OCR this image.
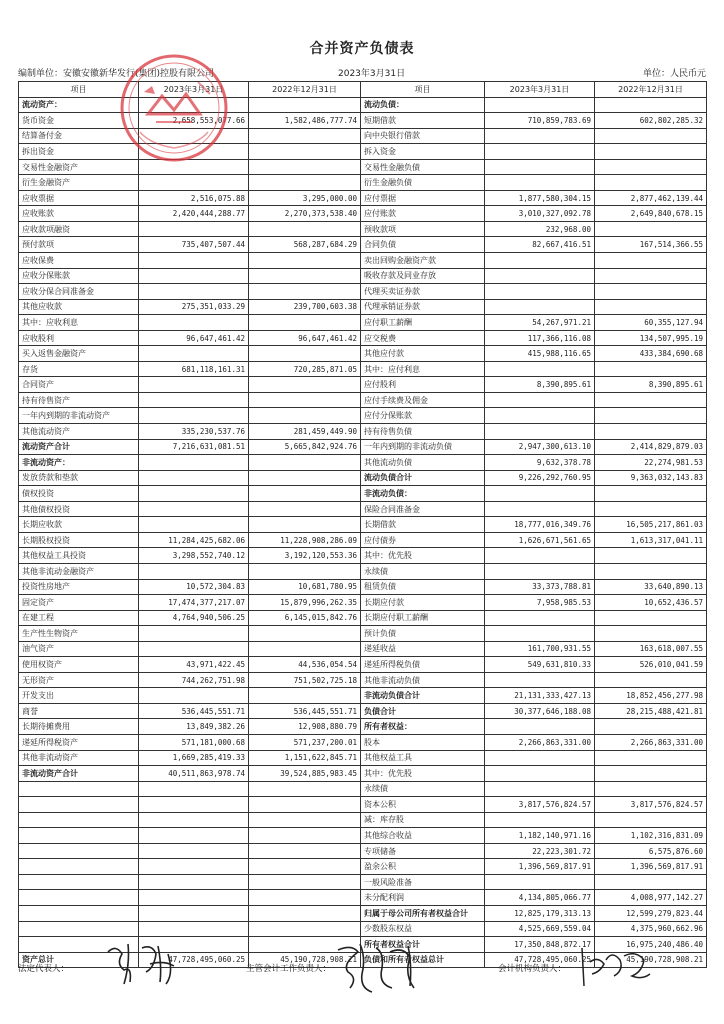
合并资产负债表
编制单位：安徽安徽新华发行(集团)控股有限公司	2023年3月31日	单位：人民币元
项目	2023年3月31日	2022年12月31日	项目	2023年3月31日	2022年12月31日
流动资产：			流动负债：		
货币资金	2,658,553,077.66	1,582,486,777.74	短期借款	710,859,783.69	602,802,285.32
结算备付金			向中央银行借款		
拆出资金			拆入资金		
交易性金融资产			交易性金融负债		
衍生金融资产			衍生金融负债		
应收票据	2,516,075.88	3,295,000.00	应付票据	1,877,580,304.15	2,877,462,139.44
应收账款	2,420,444,288.77	2,270,373,538.40	应付账款	3,010,327,092.78	2,649,840,678.15
应收款项融资			预收款项	232,968.00	
预付款项	735,407,507.44	568,287,684.29	合同负债	82,667,416.51	167,514,366.55
应收保费			卖出回购金融资产款		
应收分保账款			吸收存款及同业存放		
应收分保合同准备金			代理买卖证券款		
其他应收款	275,351,033.29	239,700,603.38	代理承销证券款		
其中：应收利息			应付职工薪酬	54,267,971.21	60,355,127.94
应收股利	96,647,461.42	96,647,461.42	应交税费	117,366,116.08	134,507,995.19
买入返售金融资产			其他应付款	415,988,116.65	433,384,690.68
存货	681,118,161.31	720,285,871.05	其中：应付利息		
合同资产			应付股利	8,390,895.61	8,390,895.61
持有待售资产			应付手续费及佣金		
一年内到期的非流动资产			应付分保账款		
其他流动资产	335,230,537.76	281,459,449.90	持有待售负债		
流动资产合计	7,216,631,081.51	5,665,842,924.76	一年内到期的非流动负债	2,947,300,613.10	2,414,829,879.03
非流动资产：			其他流动负债	9,632,378.78	22,274,981.53
发放贷款和垫款			流动负债合计	9,226,292,760.95	9,363,032,143.83
债权投资			非流动负债：		
其他债权投资			保险合同准备金		
长期应收款			长期借款	18,777,016,349.76	16,505,217,861.03
长期股权投资	11,284,425,682.06	11,228,908,286.09	应付债券	1,626,671,561.65	1,613,317,041.11
其他权益工具投资	3,298,552,740.12	3,192,120,553.36	其中：优先股		
其他非流动金融资产			永续债		
投资性房地产	10,572,304.83	10,681,780.95	租赁负债	33,373,788.81	33,640,890.13
固定资产	17,474,377,217.07	15,879,996,262.35	长期应付款	7,958,985.53	10,652,436.57
在建工程	4,764,940,506.25	6,145,015,842.76	长期应付职工薪酬		
生产性生物资产			预计负债		
油气资产			递延收益	161,700,931.55	163,618,007.55
使用权资产	43,971,422.45	44,536,054.54	递延所得税负债	549,631,810.33	526,010,041.59
无形资产	744,262,751.98	751,502,725.18	其他非流动负债		
开发支出			非流动负债合计	21,131,333,427.13	18,852,456,277.98
商誉	536,445,551.71	536,445,551.71	负债合计	30,377,646,188.08	28,215,488,421.81
长期待摊费用	13,849,382.26	12,908,880.79	所有者权益：		
递延所得税资产	571,181,000.68	571,237,200.01	股本	2,266,863,331.00	2,266,863,331.00
其他非流动资产	1,669,285,419.33	1,151,622,845.71	其他权益工具		
非流动资产合计	40,511,863,978.74	39,524,885,983.45	其中：优先股		
			永续债		
			资本公积	3,817,576,824.57	3,817,576,824.57
			减：库存股		
			其他综合收益	1,182,140,971.16	1,102,316,831.09
			专项储备	22,223,301.72	6,575,876.60
			盈余公积	1,396,569,817.91	1,396,569,817.91
			一般风险准备		
			未分配利润	4,134,805,066.77	4,008,977,142.27
			归属于母公司所有者权益合计	12,825,179,313.13	12,599,279,823.44
			少数股东权益	4,525,669,559.04	4,375,960,662.96
			所有者权益合计	17,350,848,872.17	16,975,240,486.40
资产总计	47,728,495,060.25	45,190,728,908.21	负债和所有者权益总计	47,728,495,060.25	45,190,728,908.21
法定代表人：	主管会计工作负责人：	会计机构负责人：
